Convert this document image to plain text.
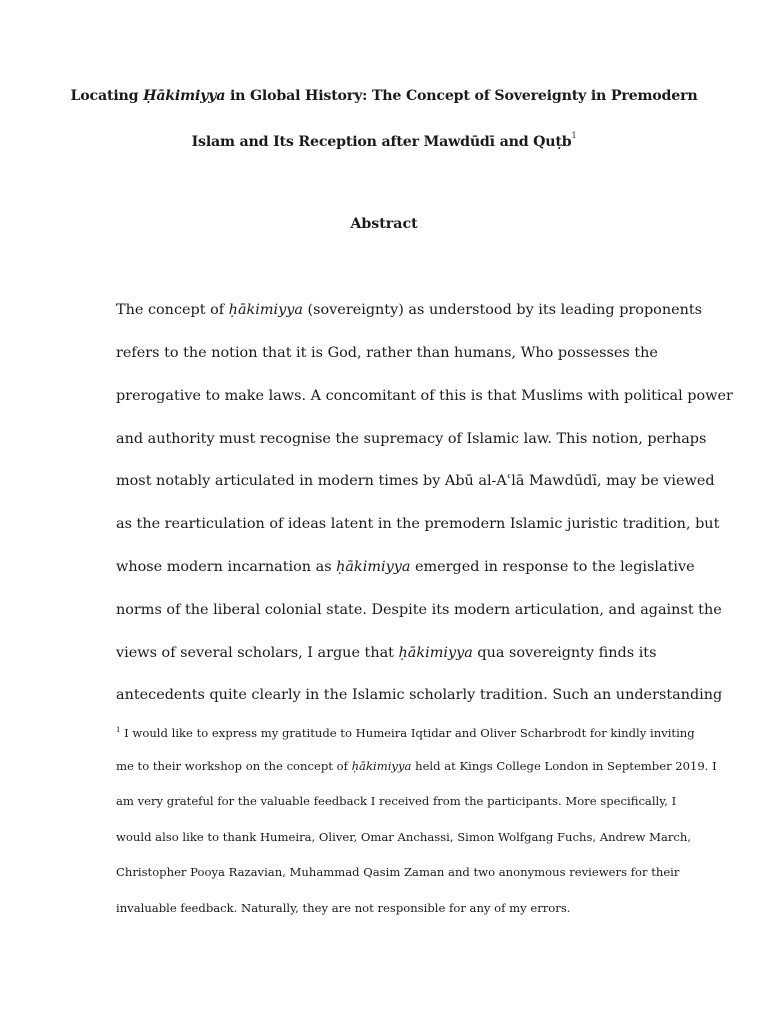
Locating Ḥākimiyya in Global History: The Concept of Sovereignty in Premodern
Islam and Its Reception after Mawdūdī and Quṭb$^1$
Abstract
The concept of ḥākimiyya (sovereignty) as understood by its leading proponents
refers to the notion that it is God, rather than humans, Who possesses the
prerogative to make laws. A concomitant of this is that Muslims with political power
and authority must recognise the supremacy of Islamic law. This notion, perhaps
most notably articulated in modern times by Abū al-Aʿlā Mawdūdī, may be viewed
as the rearticulation of ideas latent in the premodern Islamic juristic tradition, but
whose modern incarnation as ḥākimiyya emerged in response to the legislative
norms of the liberal colonial state. Despite its modern articulation, and against the
views of several scholars, I argue that ḥākimiyya qua sovereignty finds its
antecedents quite clearly in the Islamic scholarly tradition. Such an understanding
$^1$ I would like to express my gratitude to Humeira Iqtidar and Oliver Scharbrodt for kindly inviting
me to their workshop on the concept of ḥākimiyya held at Kings College London in September 2019. I
am very grateful for the valuable feedback I received from the participants. More specifically, I
would also like to thank Humeira, Oliver, Omar Anchassi, Simon Wolfgang Fuchs, Andrew March,
Christopher Pooya Razavian, Muhammad Qasim Zaman and two anonymous reviewers for their
invaluable feedback. Naturally, they are not responsible for any of my errors.
